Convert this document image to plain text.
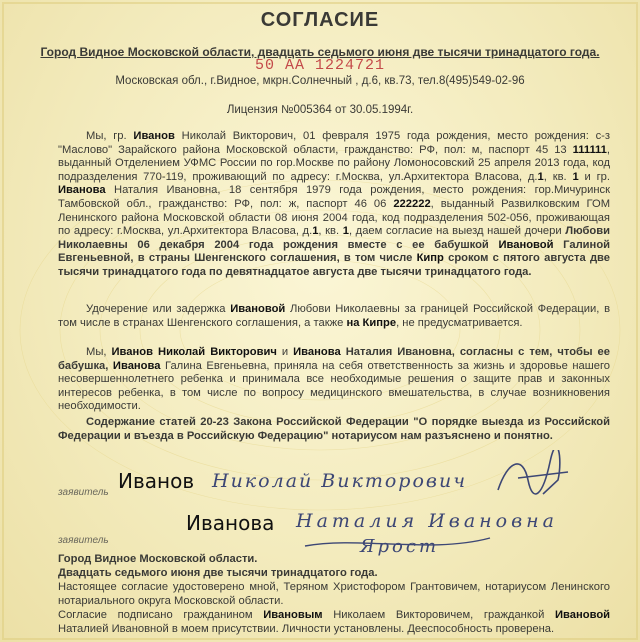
СОГЛАСИЕ
Город Видное Московской области, двадцать седьмого июня две тысячи тринадцатого года.
50 АА 1224721
Московская обл., г.Видное, мкрн.Солнечный , д.6, кв.73, тел.8(495)549-02-96
Лицензия №005364 от 30.05.1994г.
Мы, гр. Иванов Николай Викторович, 01 февраля 1975 года рождения, место рождения: с-з "Маслово" Зарайского района Московской области, гражданство: РФ, пол: м, паспорт 45 13 111111, выданный Отделением УФМС России по гор.Москве по району Ломоносовский 25 апреля 2013 года, код подразделения 770-119, проживающий по адресу: г.Москва, ул.Архитектора Власова, д.1, кв. 1 и гр. Иванова Наталия Ивановна, 18 сентября 1979 года рождения, место рождения: гор.Мичуринск Тамбовской обл., гражданство: РФ, пол: ж, паспорт 46 06 222222, выданный Развилковским ГОМ Ленинского района Московской области 08 июня 2004 года, код подразделения 502-056, проживающая по адресу: г.Москва, ул.Архитектора Власова, д.1, кв. 1, даем согласие на выезд нашей дочери Любови Николаевны 06 декабря 2004 года рождения вместе с ее бабушкой Ивановой Галиной Евгеньевной, в страны Шенгенского соглашения, в том числе Кипр сроком с пятого августа две тысячи тринадцатого года по девятнадцатое августа две тысячи тринадцатого года.
Удочерение или задержка Ивановой Любови Николаевны за границей Российской Федерации, в том числе в странах Шенгенского соглашения, а также на Кипре, не предусматривается.
Мы, Иванов Николай Викторович и Иванова Наталия Ивановна, согласны с тем, чтобы ее бабушка, Иванова Галина Евгеньевна, приняла на себя ответственность за жизнь и здоровье нашего несовершеннолетнего ребенка и принимала все необходимые решения о защите прав и законных интересов ребенка, в том числе по вопросу медицинского вмешательства, в случае возникновения необходимости.
Содержание статей 20-23 Закона Российской Федерации "О порядке выезда из Российской Федерации и въезда в Российскую Федерацию" нотариусом нам разъяснено и понятно.
заявитель Иванов Николай Викторович
заявитель
Иванова Наталия Ивановна
Ярост
Город Видное Московской области.
Двадцать седьмого июня две тысячи тринадцатого года.
Настоящее согласие удостоверено мной, Теряном Христофором Грантовичем, нотариусом Ленинского нотариального округа Московской области.
Согласие подписано гражданином Ивановым Николаем Викторовичем, гражданкой Ивановой Наталией Ивановной в моем присутствии. Личности установлены. Дееспособность проверена.
